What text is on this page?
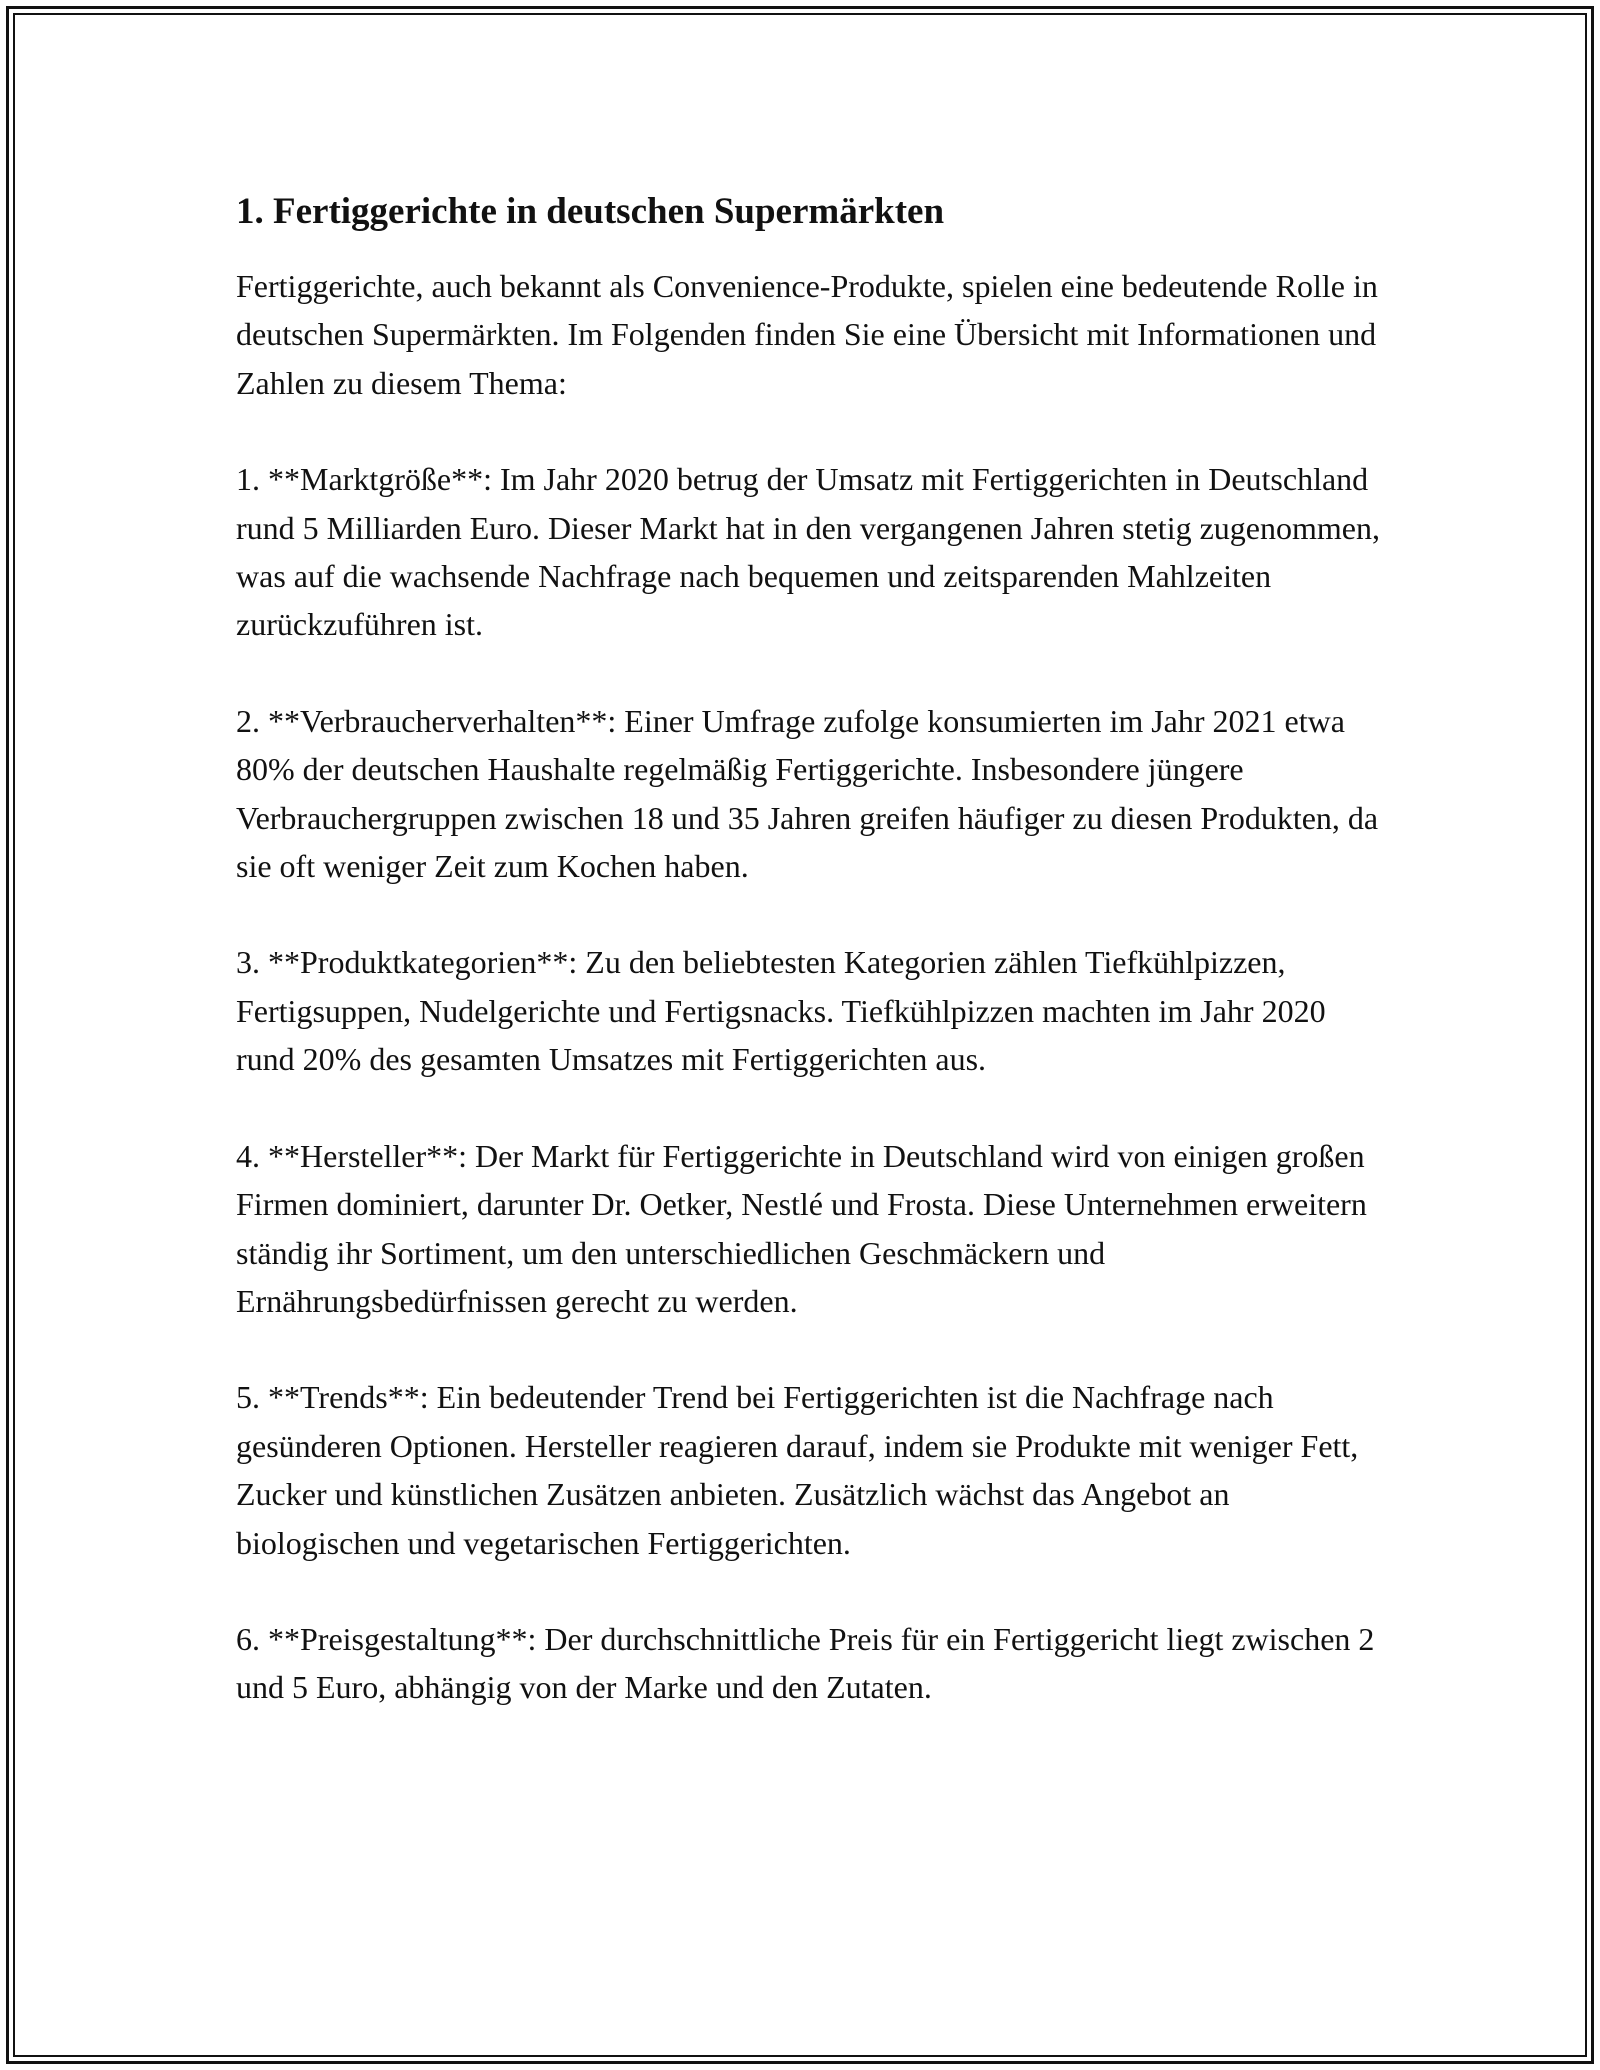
1. Fertiggerichte in deutschen Supermärkten

Fertiggerichte, auch bekannt als Convenience-Produkte, spielen eine bedeutende Rolle in deutschen Supermärkten. Im Folgenden finden Sie eine Übersicht mit Informationen und Zahlen zu diesem Thema:

1. **Marktgröße**: Im Jahr 2020 betrug der Umsatz mit Fertiggerichten in Deutschland rund 5 Milliarden Euro. Dieser Markt hat in den vergangenen Jahren stetig zugenommen, was auf die wachsende Nachfrage nach bequemen und zeitsparenden Mahlzeiten zurückzuführen ist.

2. **Verbraucherverhalten**: Einer Umfrage zufolge konsumierten im Jahr 2021 etwa 80% der deutschen Haushalte regelmäßig Fertiggerichte. Insbesondere jüngere Verbrauchergruppen zwischen 18 und 35 Jahren greifen häufiger zu diesen Produkten, da sie oft weniger Zeit zum Kochen haben.

3. **Produktkategorien**: Zu den beliebtesten Kategorien zählen Tiefkühlpizzen, Fertigsuppen, Nudelgerichte und Fertigsnacks. Tiefkühlpizzen machten im Jahr 2020 rund 20% des gesamten Umsatzes mit Fertiggerichten aus.

4. **Hersteller**: Der Markt für Fertiggerichte in Deutschland wird von einigen großen Firmen dominiert, darunter Dr. Oetker, Nestlé und Frosta. Diese Unternehmen erweitern ständig ihr Sortiment, um den unterschiedlichen Geschmäckern und Ernährungsbedürfnissen gerecht zu werden.

5. **Trends**: Ein bedeutender Trend bei Fertiggerichten ist die Nachfrage nach gesünderen Optionen. Hersteller reagieren darauf, indem sie Produkte mit weniger Fett, Zucker und künstlichen Zusätzen anbieten. Zusätzlich wächst das Angebot an biologischen und vegetarischen Fertiggerichten.

6. **Preisgestaltung**: Der durchschnittliche Preis für ein Fertiggericht liegt zwischen 2 und 5 Euro, abhängig von der Marke und den Zutaten.
